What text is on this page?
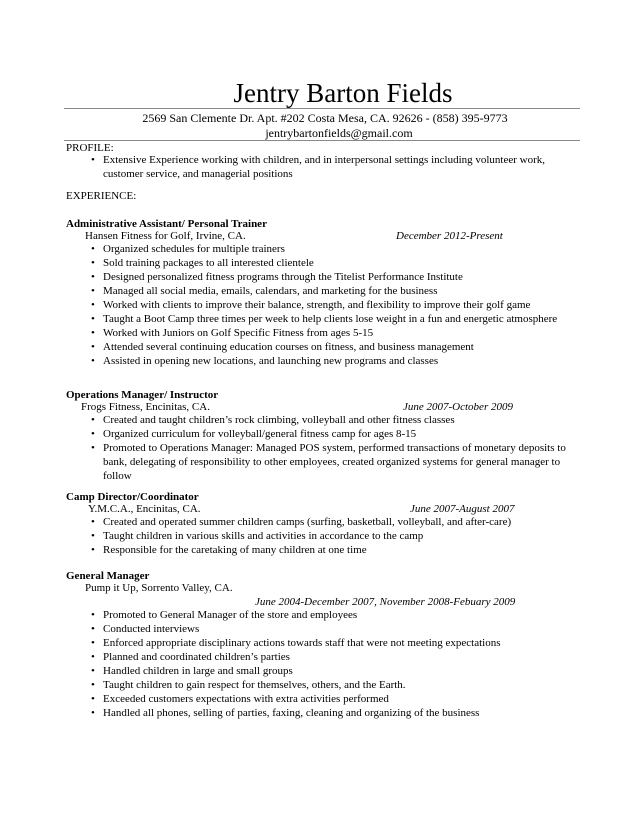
Jentry Barton Fields
2569 San Clemente Dr. Apt. #202 Costa Mesa, CA. 92626 - (858) 395-9773
jentrybartonfields@gmail.com
PROFILE:
• Extensive Experience working with children, and in interpersonal settings including volunteer work,
customer service, and managerial positions
EXPERIENCE:
Administrative Assistant/ Personal Trainer
Hansen Fitness for Golf, Irvine, CA.	December 2012-Present
• Organized schedules for multiple trainers
• Sold training packages to all interested clientele
• Designed personalized fitness programs through the Titelist Performance Institute
• Managed all social media, emails, calendars, and marketing for the business
• Worked with clients to improve their balance, strength, and flexibility to improve their golf game
• Taught a Boot Camp three times per week to help clients lose weight in a fun and energetic atmosphere
• Worked with Juniors on Golf Specific Fitness from ages 5-15
• Attended several continuing education courses on fitness, and business management
• Assisted in opening new locations, and launching new programs and classes
Operations Manager/ Instructor
Frogs Fitness, Encinitas, CA.	June 2007-October 2009
• Created and taught children’s rock climbing, volleyball and other fitness classes
• Organized curriculum for volleyball/general fitness camp for ages 8-15
• Promoted to Operations Manager: Managed POS system, performed transactions of monetary deposits to
bank, delegating of responsibility to other employees, created organized systems for general manager to
follow
Camp Director/Coordinator
Y.M.C.A., Encinitas, CA.	June 2007-August 2007
• Created and operated summer children camps (surfing, basketball, volleyball, and after-care)
• Taught children in various skills and activities in accordance to the camp
• Responsible for the caretaking of many children at one time
General Manager
Pump it Up, Sorrento Valley, CA.
June 2004-December 2007, November 2008-Febuary 2009
• Promoted to General Manager of the store and employees
• Conducted interviews
• Enforced appropriate disciplinary actions towards staff that were not meeting expectations
• Planned and coordinated children’s parties
• Handled children in large and small groups
• Taught children to gain respect for themselves, others, and the Earth.
• Exceeded customers expectations with extra activities performed
• Handled all phones, selling of parties, faxing, cleaning and organizing of the business
